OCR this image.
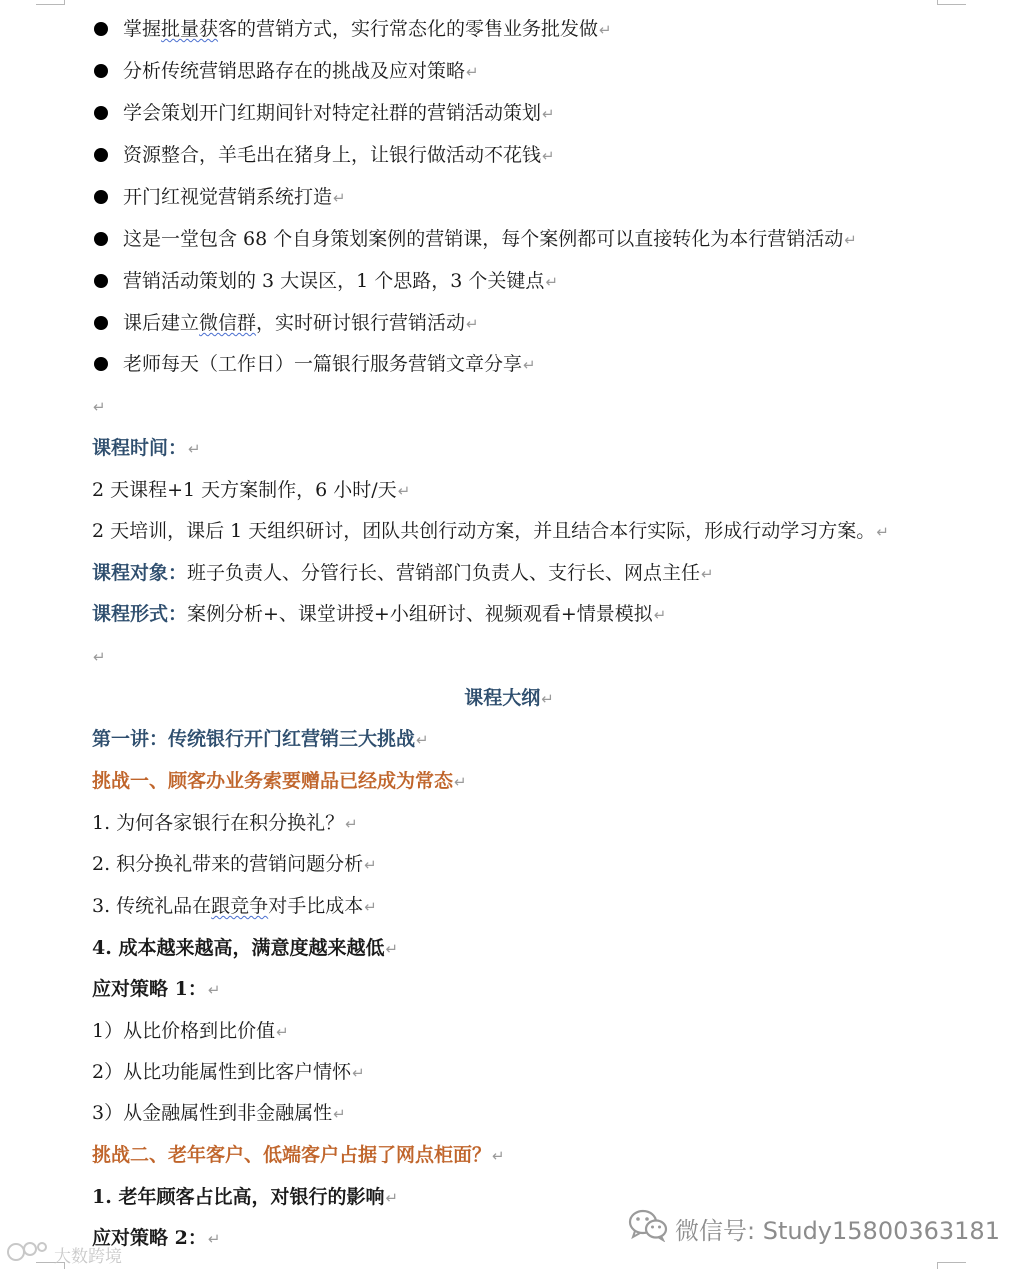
掌握批量获客的营销方式，实行常态化的零售业务批发做↵
分析传统营销思路存在的挑战及应对策略↵
学会策划开门红期间针对特定社群的营销活动策划↵
资源整合，羊毛出在猪身上，让银行做活动不花钱↵
开门红视觉营销系统打造↵
这是一堂包含 68 个自身策划案例的营销课，每个案例都可以直接转化为本行营销活动↵
营销活动策划的 3 大误区，1 个思路，3 个关键点↵
课后建立微信群，实时研讨银行营销活动↵
老师每天（工作日）一篇银行服务营销文章分享↵
↵
课程时间：↵
2 天课程+1 天方案制作，6 小时/天↵
2 天培训，课后 1 天组织研讨，团队共创行动方案，并且结合本行实际，形成行动学习方案。↵
课程对象：班子负责人、分管行长、营销部门负责人、支行长、网点主任↵
课程形式：案例分析+、课堂讲授+小组研讨、视频观看+情景模拟↵
↵
课程大纲↵
第一讲：传统银行开门红营销三大挑战↵
挑战一、顾客办业务索要赠品已经成为常态↵
1. 为何各家银行在积分换礼？↵
2. 积分换礼带来的营销问题分析↵
3. 传统礼品在跟竞争对手比成本↵
4. 成本越来越高，满意度越来越低↵
应对策略 1：↵
1）从比价格到比价值↵
2）从比功能属性到比客户情怀↵
3）从金融属性到非金融属性↵
挑战二、老年客户、低端客户占据了网点柜面？↵
1. 老年顾客占比高，对银行的影响↵
应对策略 2：↵	微信号: Study15800363181
大数跨境
